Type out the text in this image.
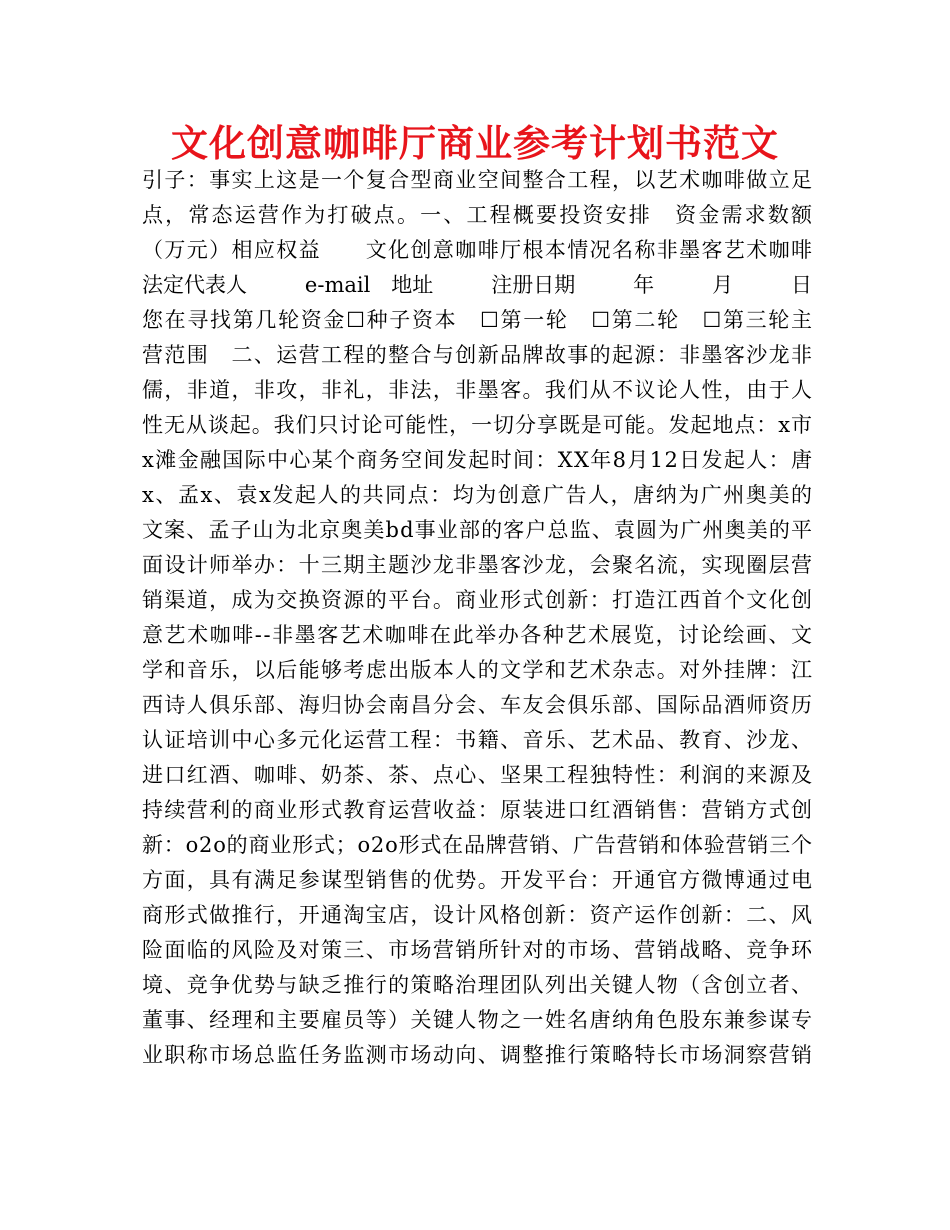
文化创意咖啡厅商业参考计划书范文
引子：事实上这是一个复合型商业空间整合工程，以艺术咖啡做立足
点，常态运营作为打破点。一、工程概要投资安排　资金需求数额
（万元）相应权益　　文化创意咖啡厅根本情况名称非墨客艺术咖啡
法定代表人	e-mail　地址	注册日期	年	月	日
您在寻找第几轮资金☐种子资本　☐第一轮　☐第二轮　☐第三轮主
营范围　二、运营工程的整合与创新品牌故事的起源：非墨客沙龙非
儒，非道，非攻，非礼，非法，非墨客。我们从不议论人性，由于人
性无从谈起。我们只讨论可能性，一切分享既是可能。发起地点：x市
x滩金融国际中心某个商务空间发起时间：XX年8月12日发起人：唐
x、孟x、袁x发起人的共同点：均为创意广告人，唐纳为广州奥美的
文案、孟子山为北京奥美bd事业部的客户总监、袁圆为广州奥美的平
面设计师举办：十三期主题沙龙非墨客沙龙，会聚名流，实现圈层营
销渠道，成为交换资源的平台。商业形式创新：打造江西首个文化创
意艺术咖啡--非墨客艺术咖啡在此举办各种艺术展览，讨论绘画、文
学和音乐，以后能够考虑出版本人的文学和艺术杂志。对外挂牌：江
西诗人俱乐部、海归协会南昌分会、车友会俱乐部、国际品酒师资历
认证培训中心多元化运营工程：书籍、音乐、艺术品、教育、沙龙、
进口红酒、咖啡、奶茶、茶、点心、坚果工程独特性：利润的来源及
持续营利的商业形式教育运营收益：原装进口红酒销售：营销方式创
新：o2o的商业形式；o2o形式在品牌营销、广告营销和体验营销三个
方面，具有满足参谋型销售的优势。开发平台：开通官方微博通过电
商形式做推行，开通淘宝店，设计风格创新：资产运作创新：二、风
险面临的风险及对策三、市场营销所针对的市场、营销战略、竞争环
境、竞争优势与缺乏推行的策略治理团队列出关键人物（含创立者、
董事、经理和主要雇员等）关键人物之一姓名唐纳角色股东兼参谋专
业职称市场总监任务监测市场动向、调整推行策略特长市场洞察营销
